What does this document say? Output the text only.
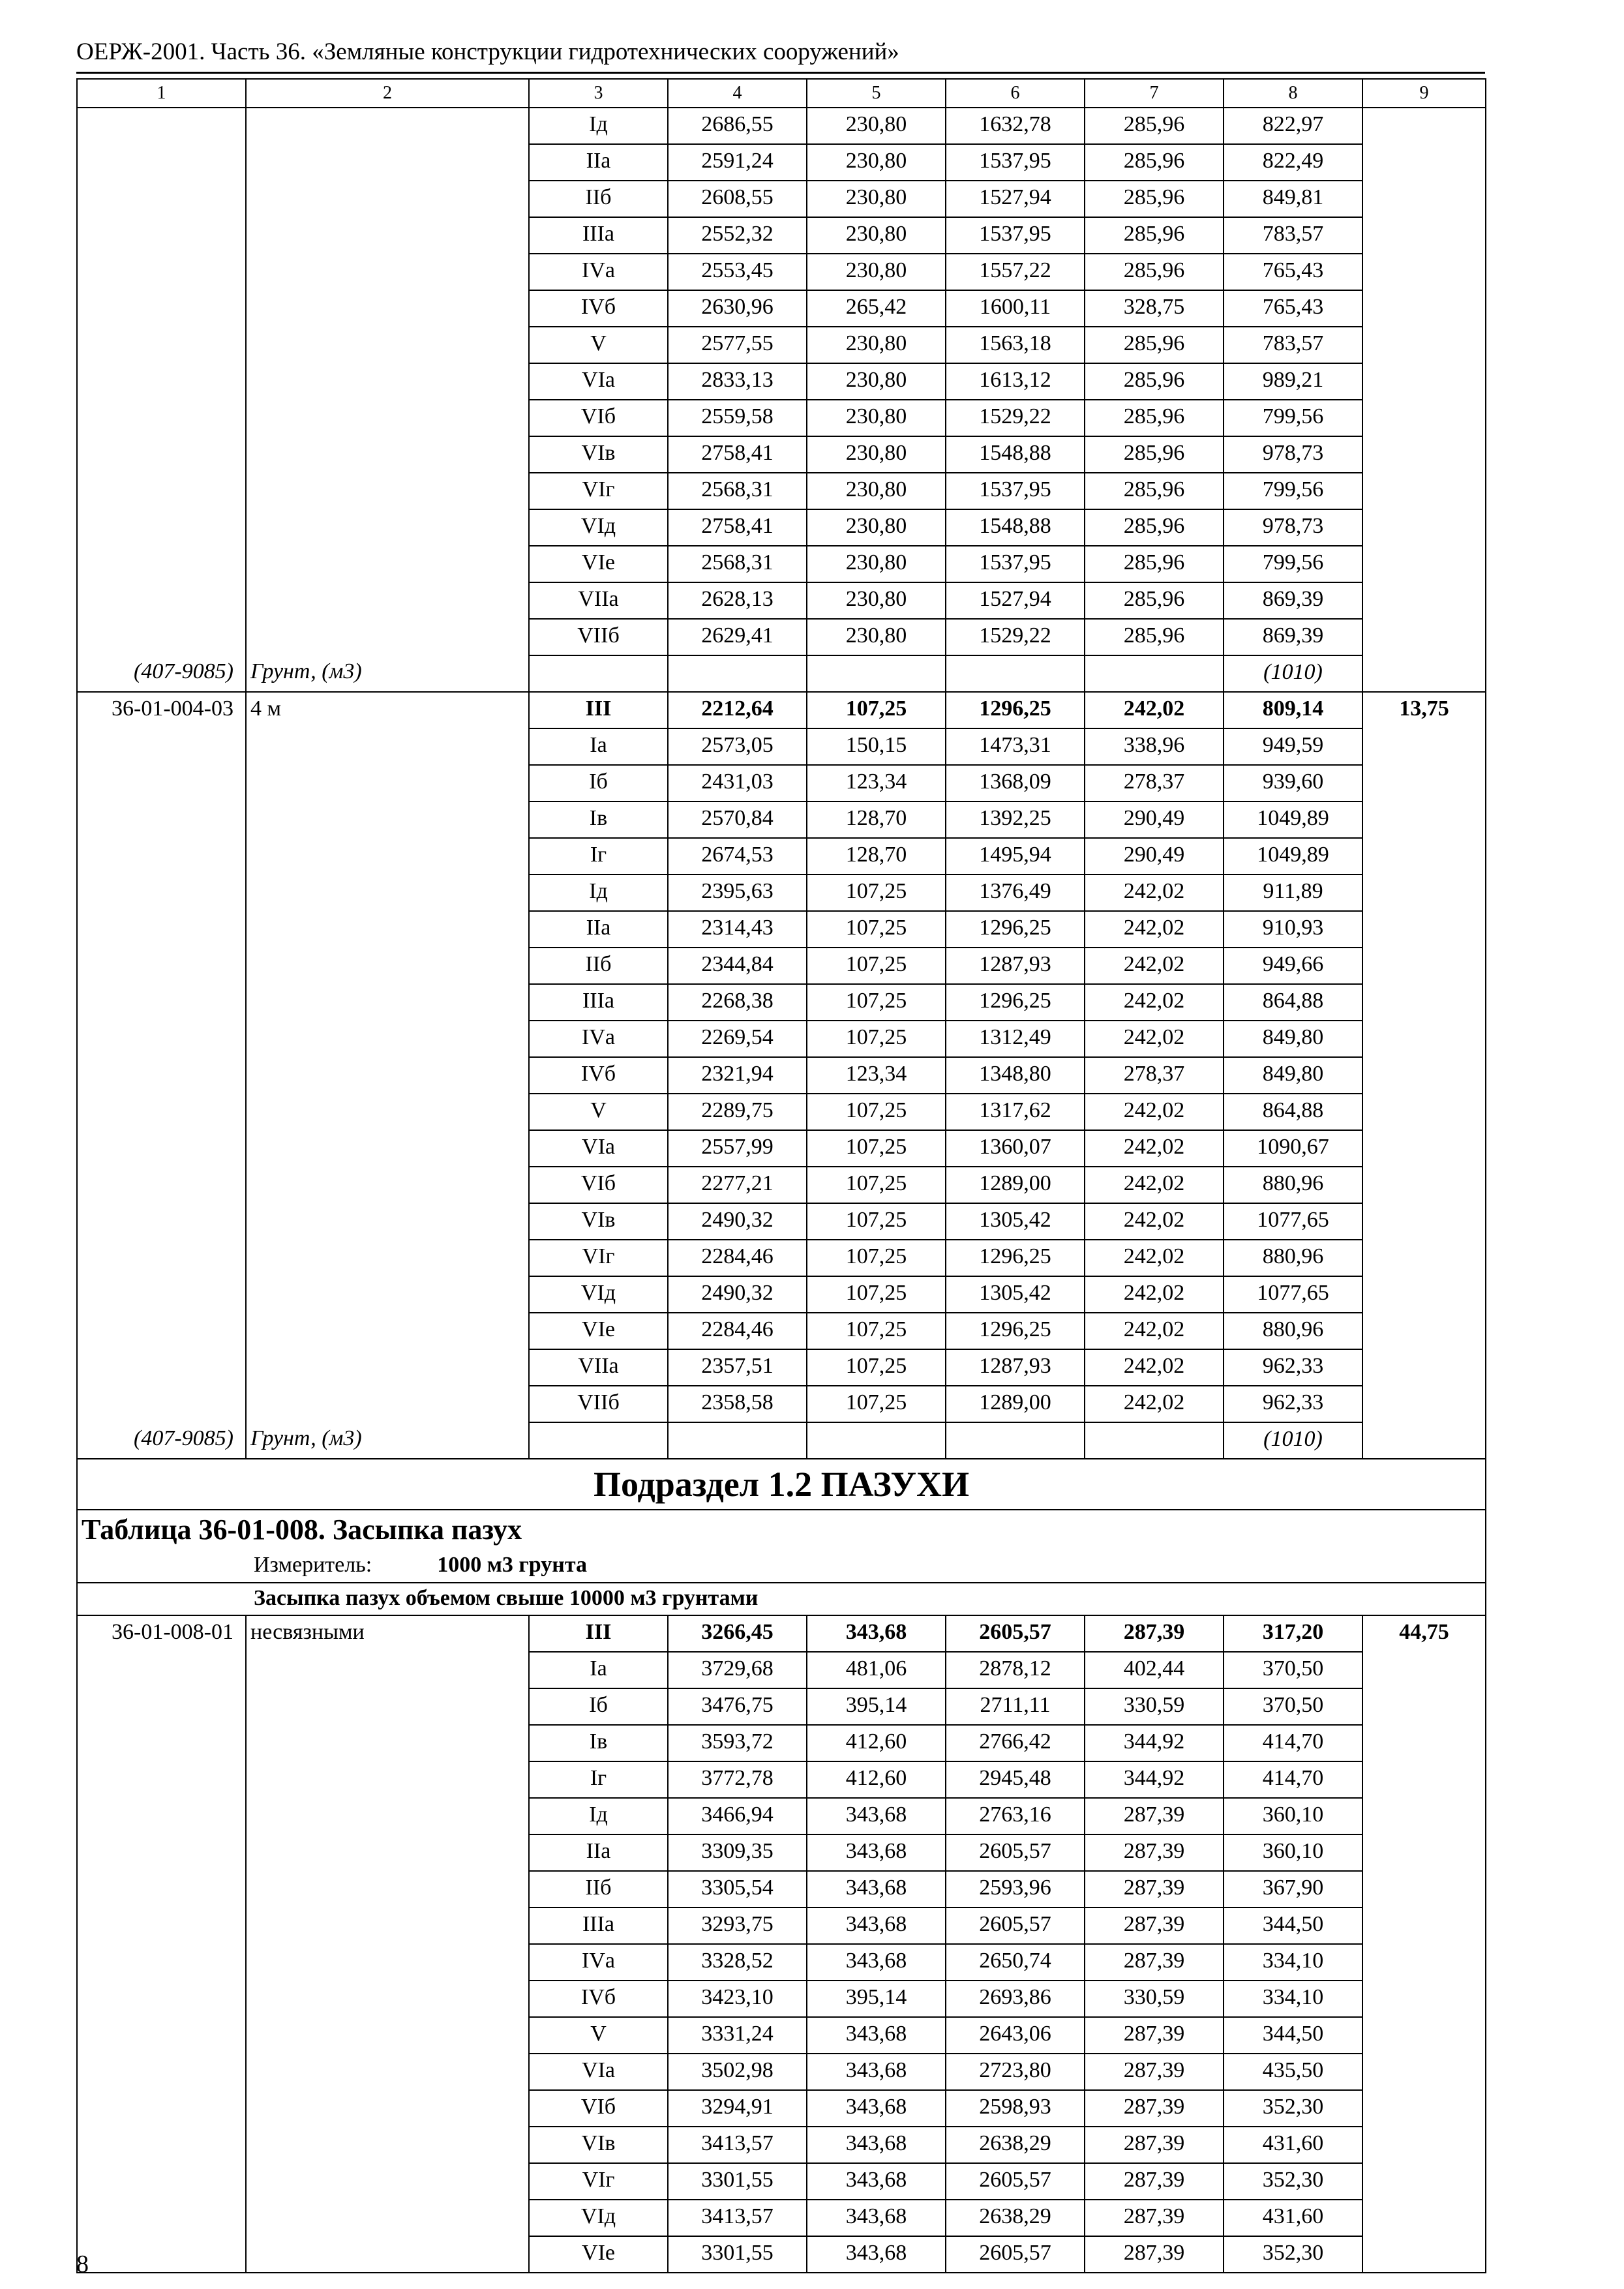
ОЕРЖ-2001. Часть 36. «Земляные конструкции гидротехнических сооружений»
1	2	3	4	5	6	7	8	9
		Iд	2686,55	230,80	1632,78	285,96	822,97	
		IIа	2591,24	230,80	1537,95	285,96	822,49	
		IIб	2608,55	230,80	1527,94	285,96	849,81	
		IIIа	2552,32	230,80	1537,95	285,96	783,57	
		IVа	2553,45	230,80	1557,22	285,96	765,43	
		IVб	2630,96	265,42	1600,11	328,75	765,43	
		V	2577,55	230,80	1563,18	285,96	783,57	
		VIа	2833,13	230,80	1613,12	285,96	989,21	
		VIб	2559,58	230,80	1529,22	285,96	799,56	
		VIв	2758,41	230,80	1548,88	285,96	978,73	
		VIг	2568,31	230,80	1537,95	285,96	799,56	
		VIд	2758,41	230,80	1548,88	285,96	978,73	
		VIе	2568,31	230,80	1537,95	285,96	799,56	
		VIIа	2628,13	230,80	1527,94	285,96	869,39	
		VIIб	2629,41	230,80	1529,22	285,96	869,39	
(407-9085)	Грунт, (м3)						(1010)	
36-01-004-03	4 м	III	2212,64	107,25	1296,25	242,02	809,14	13,75
		Iа	2573,05	150,15	1473,31	338,96	949,59	
		Iб	2431,03	123,34	1368,09	278,37	939,60	
		Iв	2570,84	128,70	1392,25	290,49	1049,89	
		Iг	2674,53	128,70	1495,94	290,49	1049,89	
		Iд	2395,63	107,25	1376,49	242,02	911,89	
		IIа	2314,43	107,25	1296,25	242,02	910,93	
		IIб	2344,84	107,25	1287,93	242,02	949,66	
		IIIа	2268,38	107,25	1296,25	242,02	864,88	
		IVа	2269,54	107,25	1312,49	242,02	849,80	
		IVб	2321,94	123,34	1348,80	278,37	849,80	
		V	2289,75	107,25	1317,62	242,02	864,88	
		VIа	2557,99	107,25	1360,07	242,02	1090,67	
		VIб	2277,21	107,25	1289,00	242,02	880,96	
		VIв	2490,32	107,25	1305,42	242,02	1077,65	
		VIг	2284,46	107,25	1296,25	242,02	880,96	
		VIд	2490,32	107,25	1305,42	242,02	1077,65	
		VIе	2284,46	107,25	1296,25	242,02	880,96	
		VIIа	2357,51	107,25	1287,93	242,02	962,33	
		VIIб	2358,58	107,25	1289,00	242,02	962,33	
(407-9085)	Грунт, (м3)						(1010)	
Подраздел 1.2 ПАЗУХИ								
Таблица 36-01-008. Засыпка пазух								
Измеритель: 1000 м3 грунта								
Засыпка пазух объемом свыше 10000 м3 грунтами								
36-01-008-01	несвязными	III	3266,45	343,68	2605,57	287,39	317,20	44,75
		Iа	3729,68	481,06	2878,12	402,44	370,50	
		Iб	3476,75	395,14	2711,11	330,59	370,50	
		Iв	3593,72	412,60	2766,42	344,92	414,70	
		Iг	3772,78	412,60	2945,48	344,92	414,70	
		Iд	3466,94	343,68	2763,16	287,39	360,10	
		IIа	3309,35	343,68	2605,57	287,39	360,10	
		IIб	3305,54	343,68	2593,96	287,39	367,90	
		IIIа	3293,75	343,68	2605,57	287,39	344,50	
		IVа	3328,52	343,68	2650,74	287,39	334,10	
		IVб	3423,10	395,14	2693,86	330,59	334,10	
		V	3331,24	343,68	2643,06	287,39	344,50	
		VIа	3502,98	343,68	2723,80	287,39	435,50	
		VIб	3294,91	343,68	2598,93	287,39	352,30	
		VIв	3413,57	343,68	2638,29	287,39	431,60	
		VIг	3301,55	343,68	2605,57	287,39	352,30	
		VIд	3413,57	343,68	2638,29	287,39	431,60	
		VIе	3301,55	343,68	2605,57	287,39	352,30	
8
